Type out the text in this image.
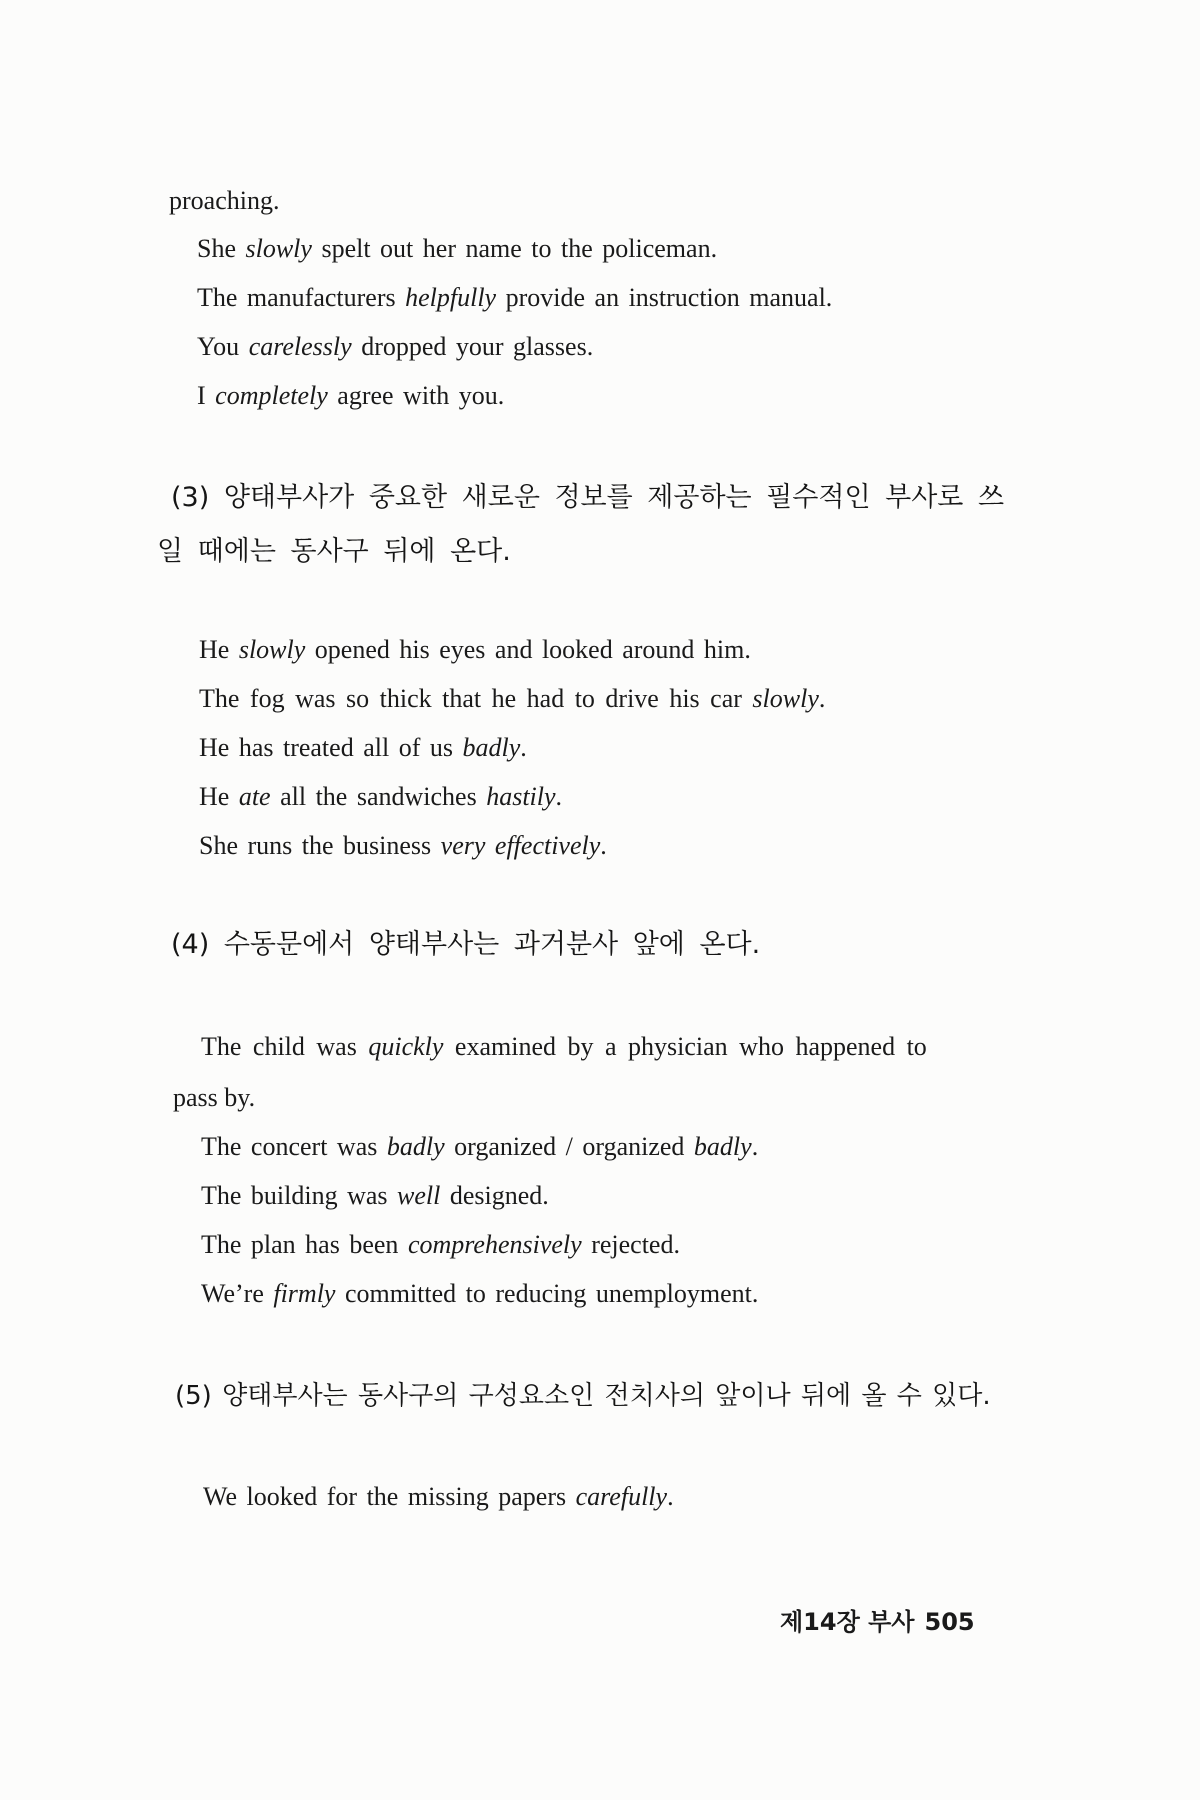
proaching.
She slowly spelt out her name to the policeman.
The manufacturers helpfully provide an instruction manual.
You carelessly dropped your glasses.
I completely agree with you.
(3) 양태부사가 중요한 새로운 정보를 제공하는 필수적인 부사로 쓰
일 때에는 동사구 뒤에 온다.
He slowly opened his eyes and looked around him.
The fog was so thick that he had to drive his car slowly.
He has treated all of us badly.
He ate all the sandwiches hastily.
She runs the business very effectively.
(4) 수동문에서 양태부사는 과거분사 앞에 온다.
The child was quickly examined by a physician who happened to
pass by.
The concert was badly organized / organized badly.
The building was well designed.
The plan has been comprehensively rejected.
We’re firmly committed to reducing unemployment.
(5) 양태부사는 동사구의 구성요소인 전치사의 앞이나 뒤에 올 수 있다.
We looked for the missing papers carefully.
제14장 부사 505
